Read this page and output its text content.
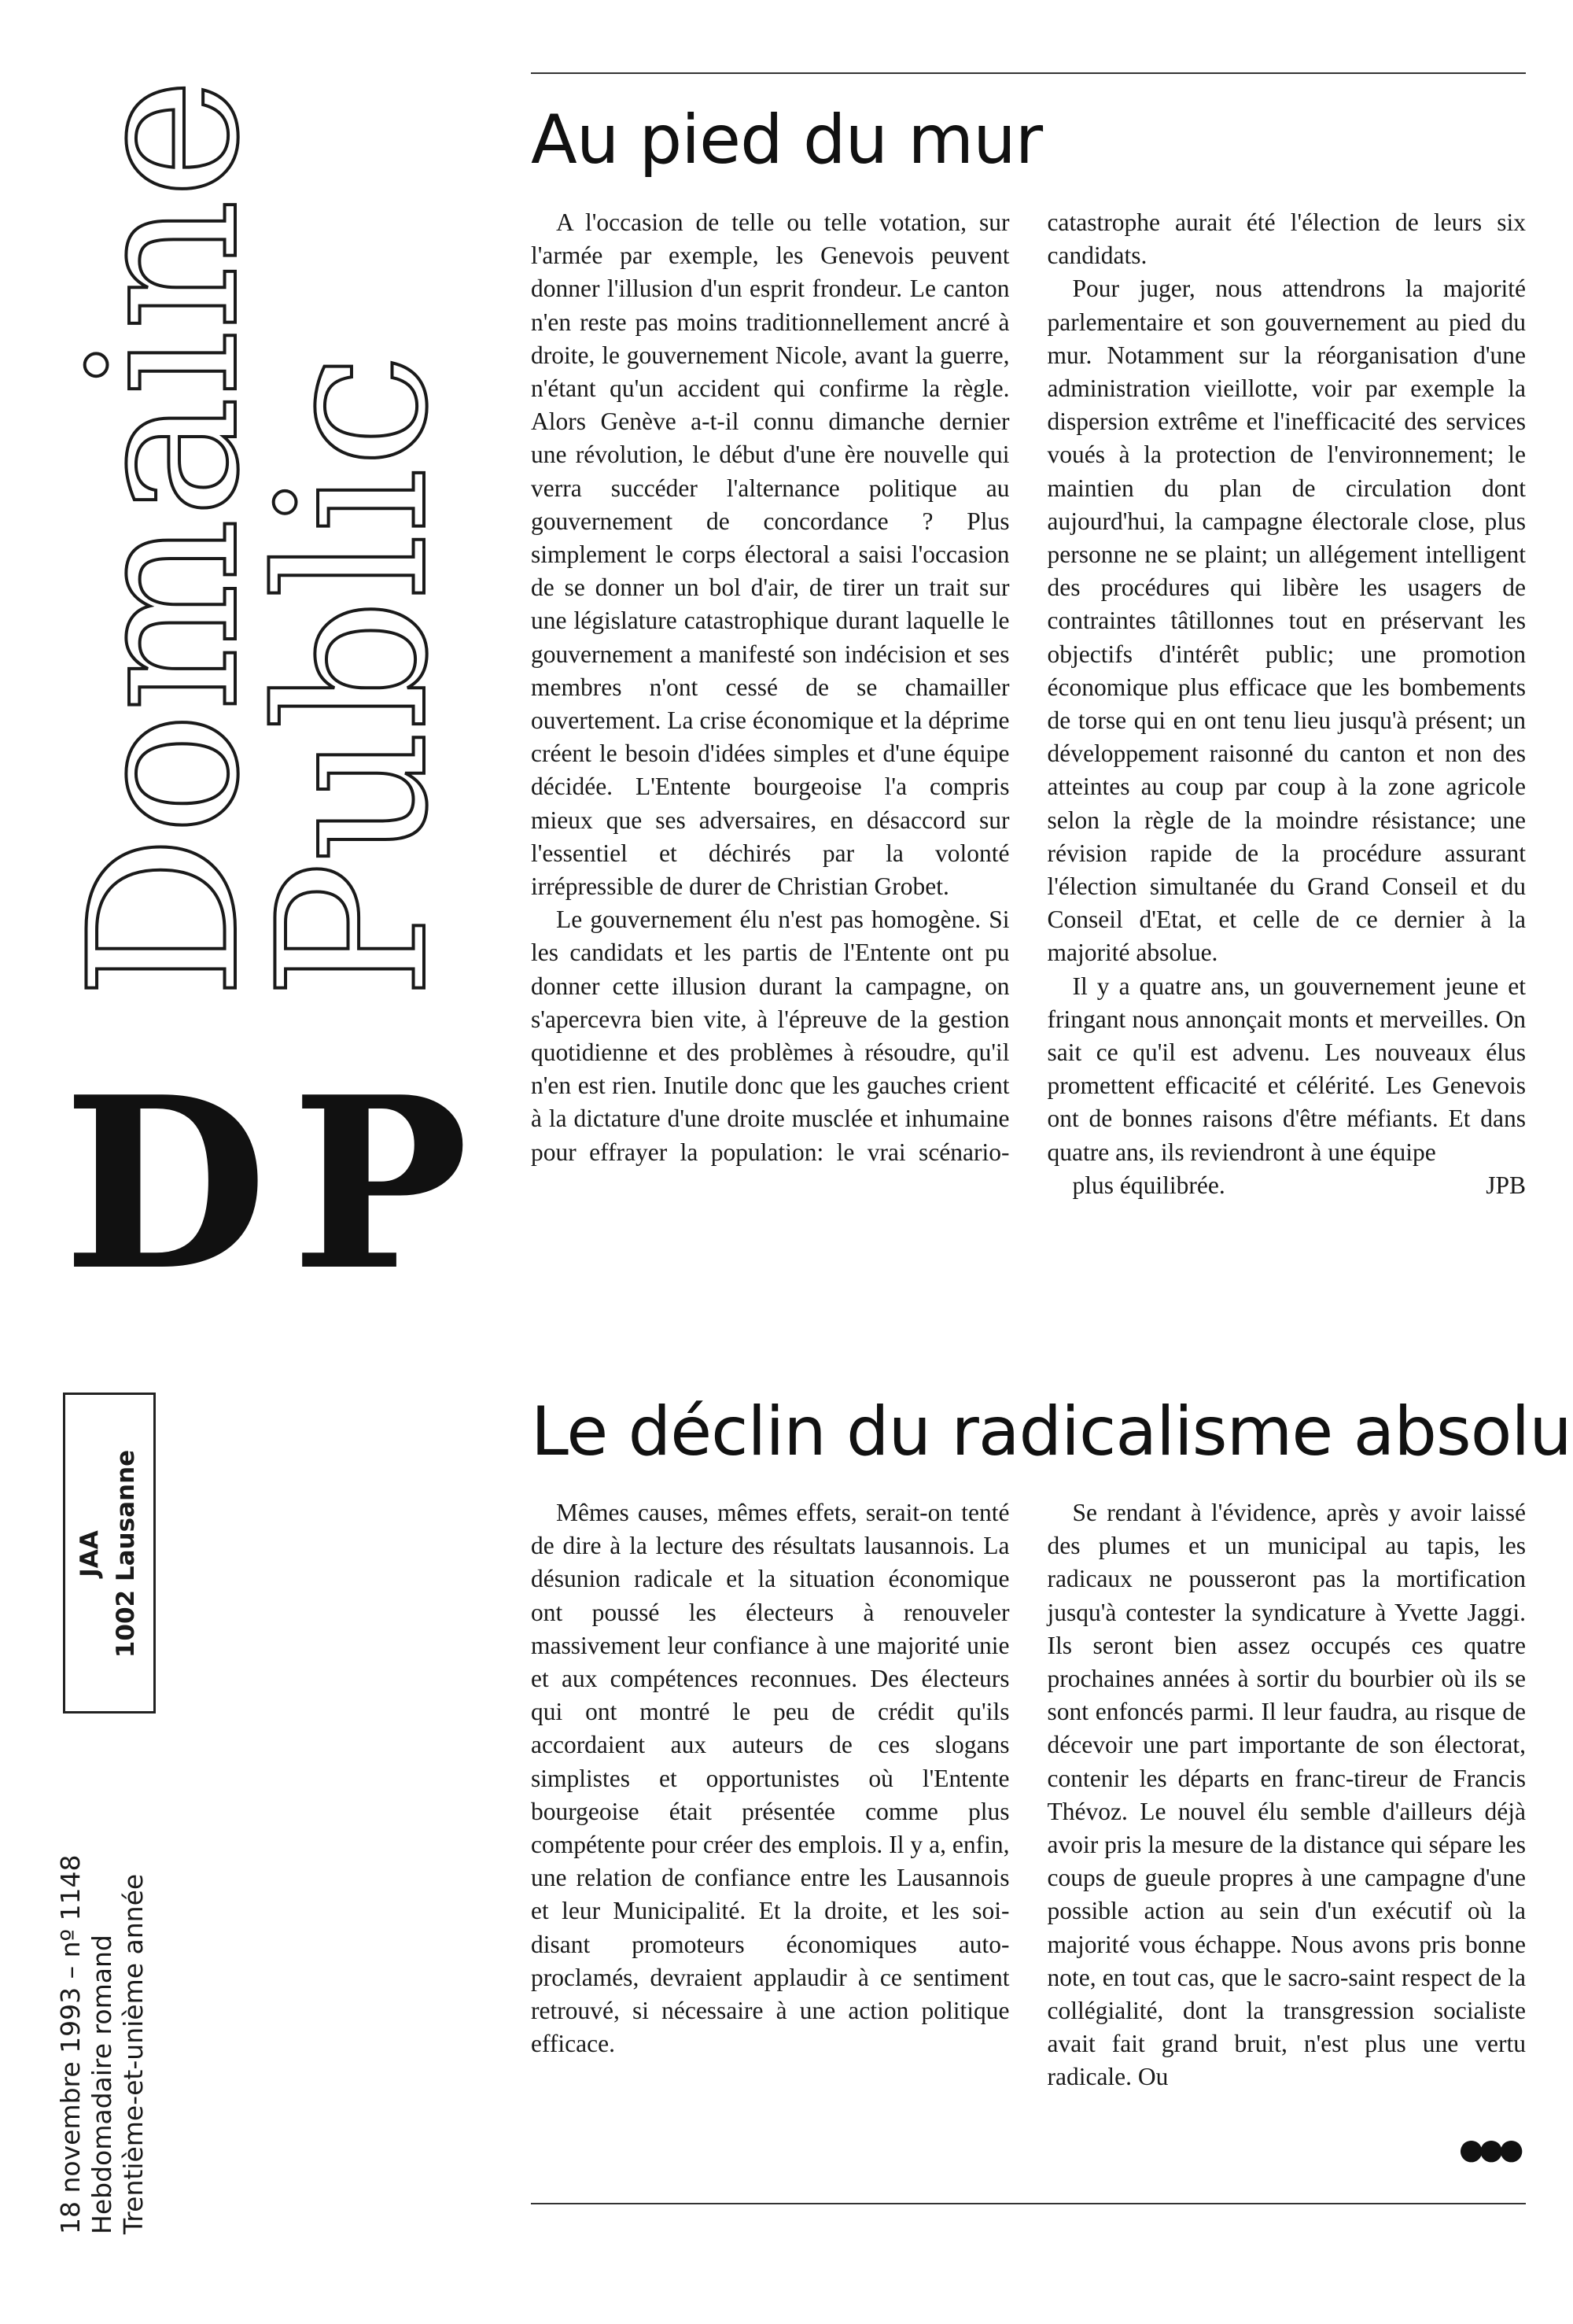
Domaine
Public
DP
JAA 1002 Lausanne
18 novembre 1993 – nº 1148 Hebdomadaire romand Trentième-et-unième année
Au pied du mur

A l'occasion de telle ou telle votation, sur l'armée par exemple, les Genevois peuvent donner l'illusion d'un esprit frondeur. Le canton n'en reste pas moins traditionnellement ancré à droite, le gouvernement Nicole, avant la guerre, n'étant qu'un accident qui confirme la règle. Alors Genève a-t-il connu dimanche dernier une révolution, le début d'une ère nouvelle qui verra succéder l'alternance politique au gouvernement de concordance ? Plus simplement le corps électoral a saisi l'occasion de se donner un bol d'air, de tirer un trait sur une législature catastrophique durant laquelle le gouvernement a manifesté son indécision et ses membres n'ont cessé de se chamailler ouvertement. La crise économique et la déprime créent le besoin d'idées simples et d'une équipe décidée. L'Entente bourgeoise l'a compris mieux que ses adversaires, en désaccord sur l'essentiel et déchirés par la volonté irrépressible de durer de Christian Grobet.

Le gouvernement élu n'est pas homogène. Si les candidats et les partis de l'Entente ont pu donner cette illusion durant la campagne, on s'apercevra bien vite, à l'épreuve de la gestion quotidienne et des problèmes à résoudre, qu'il n'en est rien. Inutile donc que les gauches crient à la dictature d'une droite musclée et inhumaine pour effrayer la population: le vrai scénario-catastrophe aurait été l'élection de leurs six candidats.

Pour juger, nous attendrons la majorité parlementaire et son gouvernement au pied du mur. Notamment sur la réorganisation d'une administration vieillotte, voir par exemple la dispersion extrême et l'inefficacité des services voués à la protection de l'environnement; le maintien du plan de circulation dont aujourd'hui, la campagne électorale close, plus personne ne se plaint; un allégement intelligent des procédures qui libère les usagers de contraintes tâtillonnes tout en préservant les objectifs d'intérêt public; une promotion économique plus efficace que les bombements de torse qui en ont tenu lieu jusqu'à présent; un développement raisonné du canton et non des atteintes au coup par coup à la zone agricole selon la règle de la moindre résistance; une révision rapide de la procédure assurant l'élection simultanée du Grand Conseil et du Conseil d'Etat, et celle de ce dernier à la majorité absolue.

Il y a quatre ans, un gouvernement jeune et fringant nous annonçait monts et merveilles. On sait ce qu'il est advenu. Les nouveaux élus promettent efficacité et célérité. Les Genevois ont de bonnes raisons d'être méfiants. Et dans quatre ans, ils reviendront à une équipe

plus équilibrée.	JPB
Le déclin du radicalisme absolu

Mêmes causes, mêmes effets, serait-on tenté de dire à la lecture des résultats lausannois. La désunion radicale et la situation économique ont poussé les électeurs à renouveler massivement leur confiance à une majorité unie et aux compétences reconnues. Des électeurs qui ont montré le peu de crédit qu'ils accordaient aux auteurs de ces slogans simplistes et opportunistes où l'Entente bourgeoise était présentée comme plus compétente pour créer des emplois. Il y a, enfin, une relation de confiance entre les Lausannois et leur Municipalité. Et la droite, et les soi-disant promoteurs économiques auto-proclamés, devraient applaudir à ce sentiment retrouvé, si nécessaire à une action politique efficace.

Se rendant à l'évidence, après y avoir laissé des plumes et un municipal au tapis, les radicaux ne pousseront pas la mortification jusqu'à contester la syndicature à Yvette Jaggi. Ils seront bien assez occupés ces quatre prochaines années à sortir du bourbier où ils se sont enfoncés parmi. Il leur faudra, au risque de décevoir une part importante de son électorat, contenir les départs en franc-tireur de Francis Thévoz. Le nouvel élu semble d'ailleurs déjà avoir pris la mesure de la distance qui sépare les coups de gueule propres à une campagne d'une possible action au sein d'un exécutif où la majorité vous échappe. Nous avons pris bonne note, en tout cas, que le sacro-saint respect de la collégialité, dont la transgression socialiste avait fait grand bruit, n'est plus une vertu radicale. Ou

●●●
